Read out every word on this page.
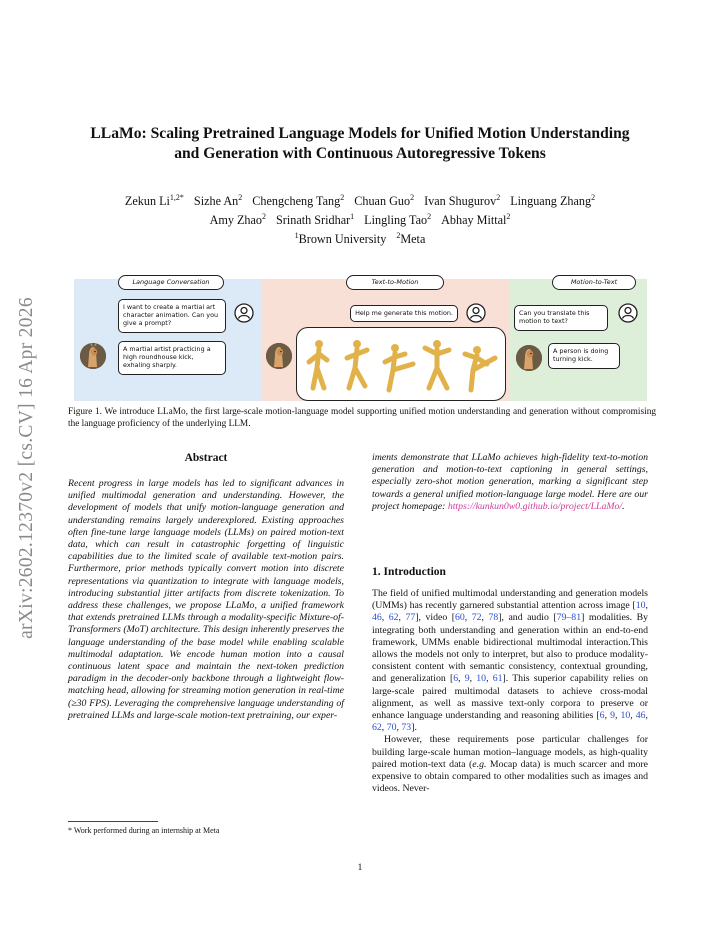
arXiv:2602.12370v2 [cs.CV] 16 Apr 2026
LLaMo: Scaling Pretrained Language Models for Unified Motion Understanding
and Generation with Continuous Autoregressive Tokens
Zekun $Li^{1,2*}$ Sizhe An$^2$ Chengcheng Tang$^2$ Chuan Guo$^2$ Ivan Shugurov$^2$ Linguang Zhang$^2$
Amy Zhao$^2$ Srinath Sridhar$^1$ Lingling Tao$^2$ Abhay Mittal$^2$
$^1$Brown University $^2$Meta
Language Conversation
I want to create a martial art character animation. Can you give a prompt?
A martial artist practicing a high roundhouse kick, exhaling sharply.
Text-to-Motion
Help me generate this motion.
Motion-to-Text
Can you translate this motion to text?
A person is doing turning kick.
Figure 1. We introduce LLaMo, the first large-scale motion-language model supporting unified motion understanding and generation without compromising the language proficiency of the underlying LLM.
Abstract
Recent progress in large models has led to significant advances in unified multimodal generation and understanding. However, the development of models that unify motion-language generation and understanding remains largely underexplored. Existing approaches often fine-tune large language models (LLMs) on paired motion-text data, which can result in catastrophic forgetting of linguistic capabilities due to the limited scale of available text-motion pairs. Furthermore, prior methods typically convert motion into discrete representations via quantization to integrate with language models, introducing substantial jitter artifacts from discrete tokenization. To address these challenges, we propose LLaMo, a unified framework that extends pretrained LLMs through a modality-specific Mixture-of-Transformers (MoT) architecture. This design inherently preserves the language understanding of the base model while enabling scalable multimodal adaptation. We encode human motion into a causal continuous latent space and maintain the next-token prediction paradigm in the decoder-only backbone through a lightweight flow-matching head, allowing for streaming motion generation in real-time (≥30 FPS). Leveraging the comprehensive language understanding of pretrained LLMs and large-scale motion-text pretraining, our exper-
iments demonstrate that LLaMo achieves high-fidelity text-to-motion generation and motion-to-text captioning in general settings, especially zero-shot motion generation, marking a significant step towards a general unified motion-language large model. Here are our project homepage: https://kunkun0w0.github.io/project/LLaMo/.
1. Introduction

The field of unified multimodal understanding and generation models (UMMs) has recently garnered substantial attention across image [10, 46, 62, 77], video [60, 72, 78], and audio [79–81] modalities. By integrating both understanding and generation within an end-to-end framework, UMMs enable bidirectional multimodal interaction.This allows the models not only to interpret, but also to produce modality-consistent content with semantic consistency, contextual grounding, and generalization [6, 9, 10, 61]. This superior capability relies on large-scale paired multimodal datasets to achieve cross-modal alignment, as well as massive text-only corpora to preserve or enhance language understanding and reasoning abilities [6, 9, 10, 46, 62, 70, 73].

However, these requirements pose particular challenges for building large-scale human motion–language models, as high-quality paired motion-text data (e.g. Mocap data) is much scarcer and more expensive to obtain compared to other modalities such as images and videos. Never-

* Work performed during an internship at Meta
1
